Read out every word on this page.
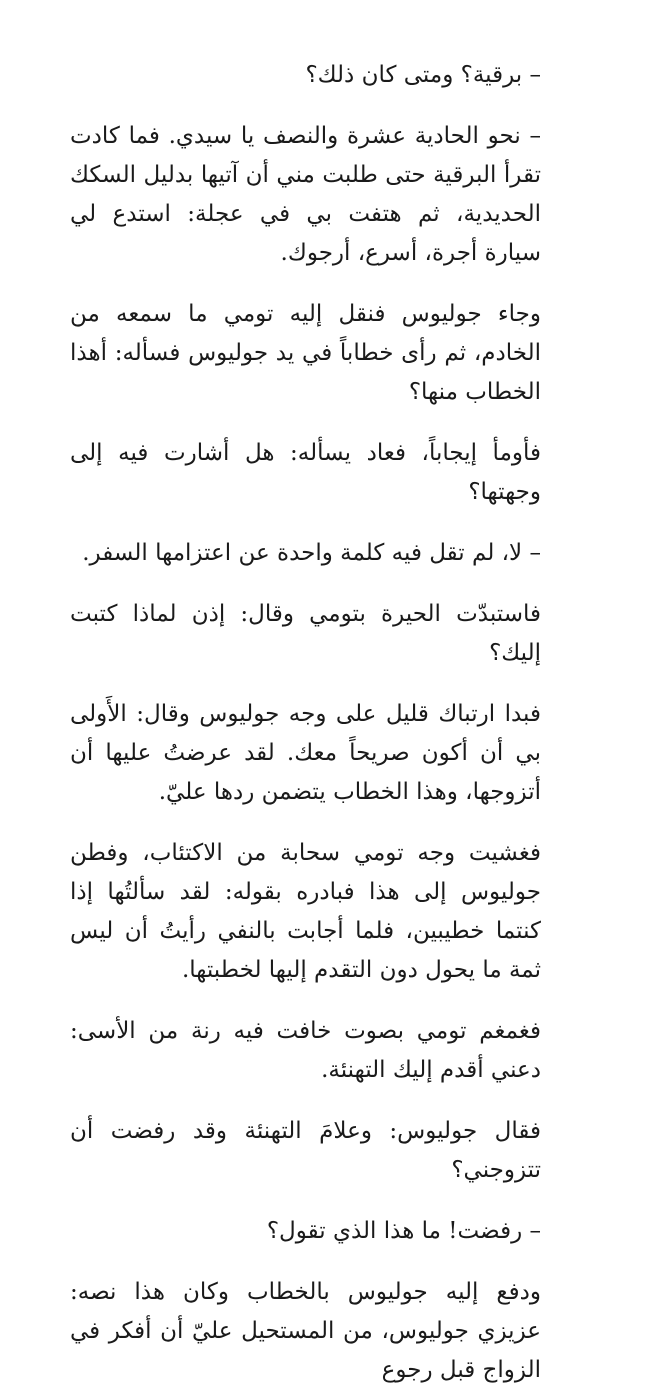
– برقية؟ ومتى كان ذلك؟

– نحو الحادية عشرة والنصف يا سيدي. فما كادت تقرأ البرقية حتى طلبت مني أن آتيها بدليل السكك الحديدية، ثم هتفت بي في عجلة: استدع لي سيارة أجرة، أسرع، أرجوك.

وجاء جوليوس فنقل إليه تومي ما سمعه من الخادم، ثم رأى خطاباً في يد جوليوس فسأله: أهذا الخطاب منها؟

فأومأ إيجاباً، فعاد يسأله: هل أشارت فيه إلى وجهتها؟

– لا، لم تقل فيه كلمة واحدة عن اعتزامها السفر.

فاستبدّت الحيرة بتومي وقال: إذن لماذا كتبت إليك؟

فبدا ارتباك قليل على وجه جوليوس وقال: الأَولى بي أن أكون صريحاً معك. لقد عرضتُ عليها أن أتزوجها، وهذا الخطاب يتضمن ردها عليّ.

فغشيت وجه تومي سحابة من الاكتئاب، وفطن جوليوس إلى هذا فبادره بقوله: لقد سألتُها إذا كنتما خطيبين، فلما أجابت بالنفي رأيتُ أن ليس ثمة ما يحول دون التقدم إليها لخطبتها.

فغمغم تومي بصوت خافت فيه رنة من الأسى: دعني أقدم إليك التهنئة.

فقال جوليوس: وعلامَ التهنئة وقد رفضت أن تتزوجني؟

– رفضت! ما هذا الذي تقول؟

ودفع إليه جوليوس بالخطاب وكان هذا نصه: عزيزي جوليوس، من المستحيل عليّ أن أفكر في الزواج قبل رجوع
